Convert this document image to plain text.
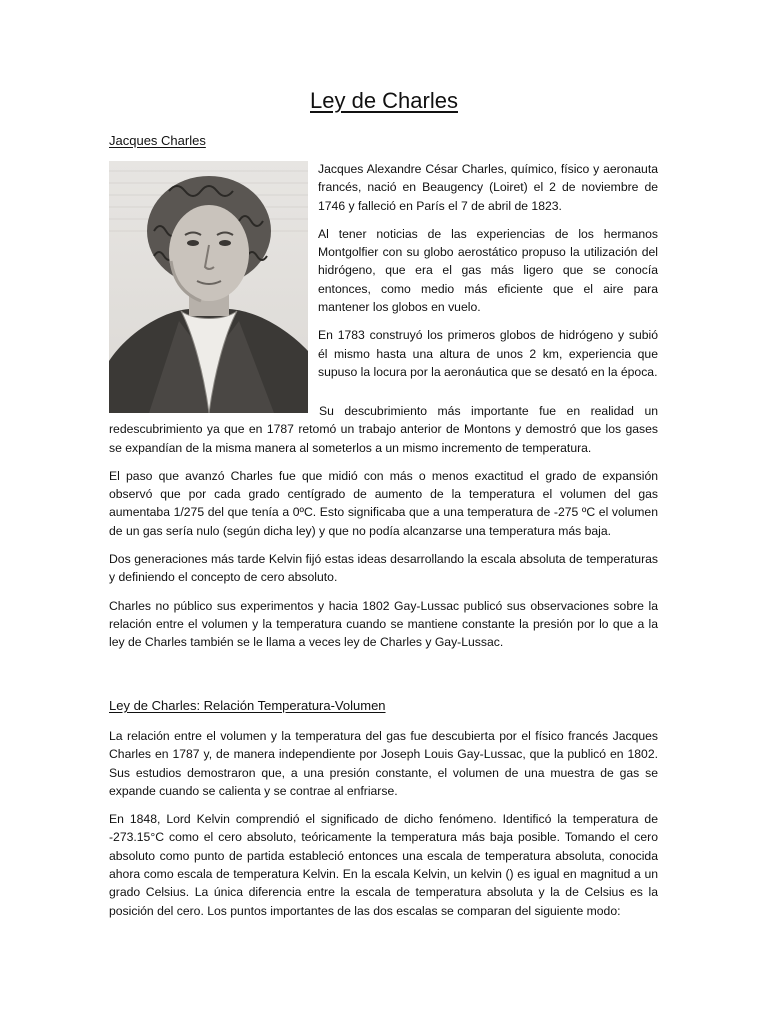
Ley de Charles
Jacques Charles

Jacques Alexandre César Charles, químico, físico y aeronauta francés, nació en Beaugency (Loiret) el 2 de noviembre de 1746 y falleció en París el 7 de abril de 1823.

Al tener noticias de las experiencias de los hermanos Montgolfier con su globo aerostático propuso la utilización del hidrógeno, que era el gas más ligero que se conocía entonces, como medio más eficiente que el aire para mantener los globos en vuelo.

En 1783 construyó los primeros globos de hidrógeno y subió él mismo hasta una altura de unos 2 km, experiencia que supuso la locura por la aeronáutica que se desató en la época.

Su descubrimiento más importante fue en realidad un redescubrimiento ya que en 1787 retomó un trabajo anterior de Montons y demostró que los gases se expandían de la misma manera al someterlos a un mismo incremento de temperatura.

El paso que avanzó Charles fue que midió con más o menos exactitud el grado de expansión observó que por cada grado centígrado de aumento de la temperatura el volumen del gas aumentaba 1/275 del que tenía a 0ºC. Esto significaba que a una temperatura de -275 ºC el volumen de un gas sería nulo (según dicha ley) y que no podía alcanzarse una temperatura más baja.

Dos generaciones más tarde Kelvin fijó estas ideas desarrollando la escala absoluta de temperaturas y definiendo el concepto de cero absoluto.

Charles no público sus experimentos y hacia 1802 Gay-Lussac publicó sus observaciones sobre la relación entre el volumen y la temperatura cuando se mantiene constante la presión por lo que a la ley de Charles también se le llama a veces ley de Charles y Gay-Lussac.

Ley de Charles: Relación Temperatura-Volumen

La relación entre el volumen y la temperatura del gas fue descubierta por el físico francés Jacques Charles en 1787 y, de manera independiente por Joseph Louis Gay-Lussac, que la publicó en 1802. Sus estudios demostraron que, a una presión constante, el volumen de una muestra de gas se expande cuando se calienta y se contrae al enfriarse.

En 1848, Lord Kelvin comprendió el significado de dicho fenómeno. Identificó la temperatura de -273.15°C como el cero absoluto, teóricamente la temperatura más baja posible. Tomando el cero absoluto como punto de partida estableció entonces una escala de temperatura absoluta, conocida ahora como escala de temperatura Kelvin. En la escala Kelvin, un kelvin () es igual en magnitud a un grado Celsius. La única diferencia entre la escala de temperatura absoluta y la de Celsius es la posición del cero. Los puntos importantes de las dos escalas se comparan del siguiente modo:
